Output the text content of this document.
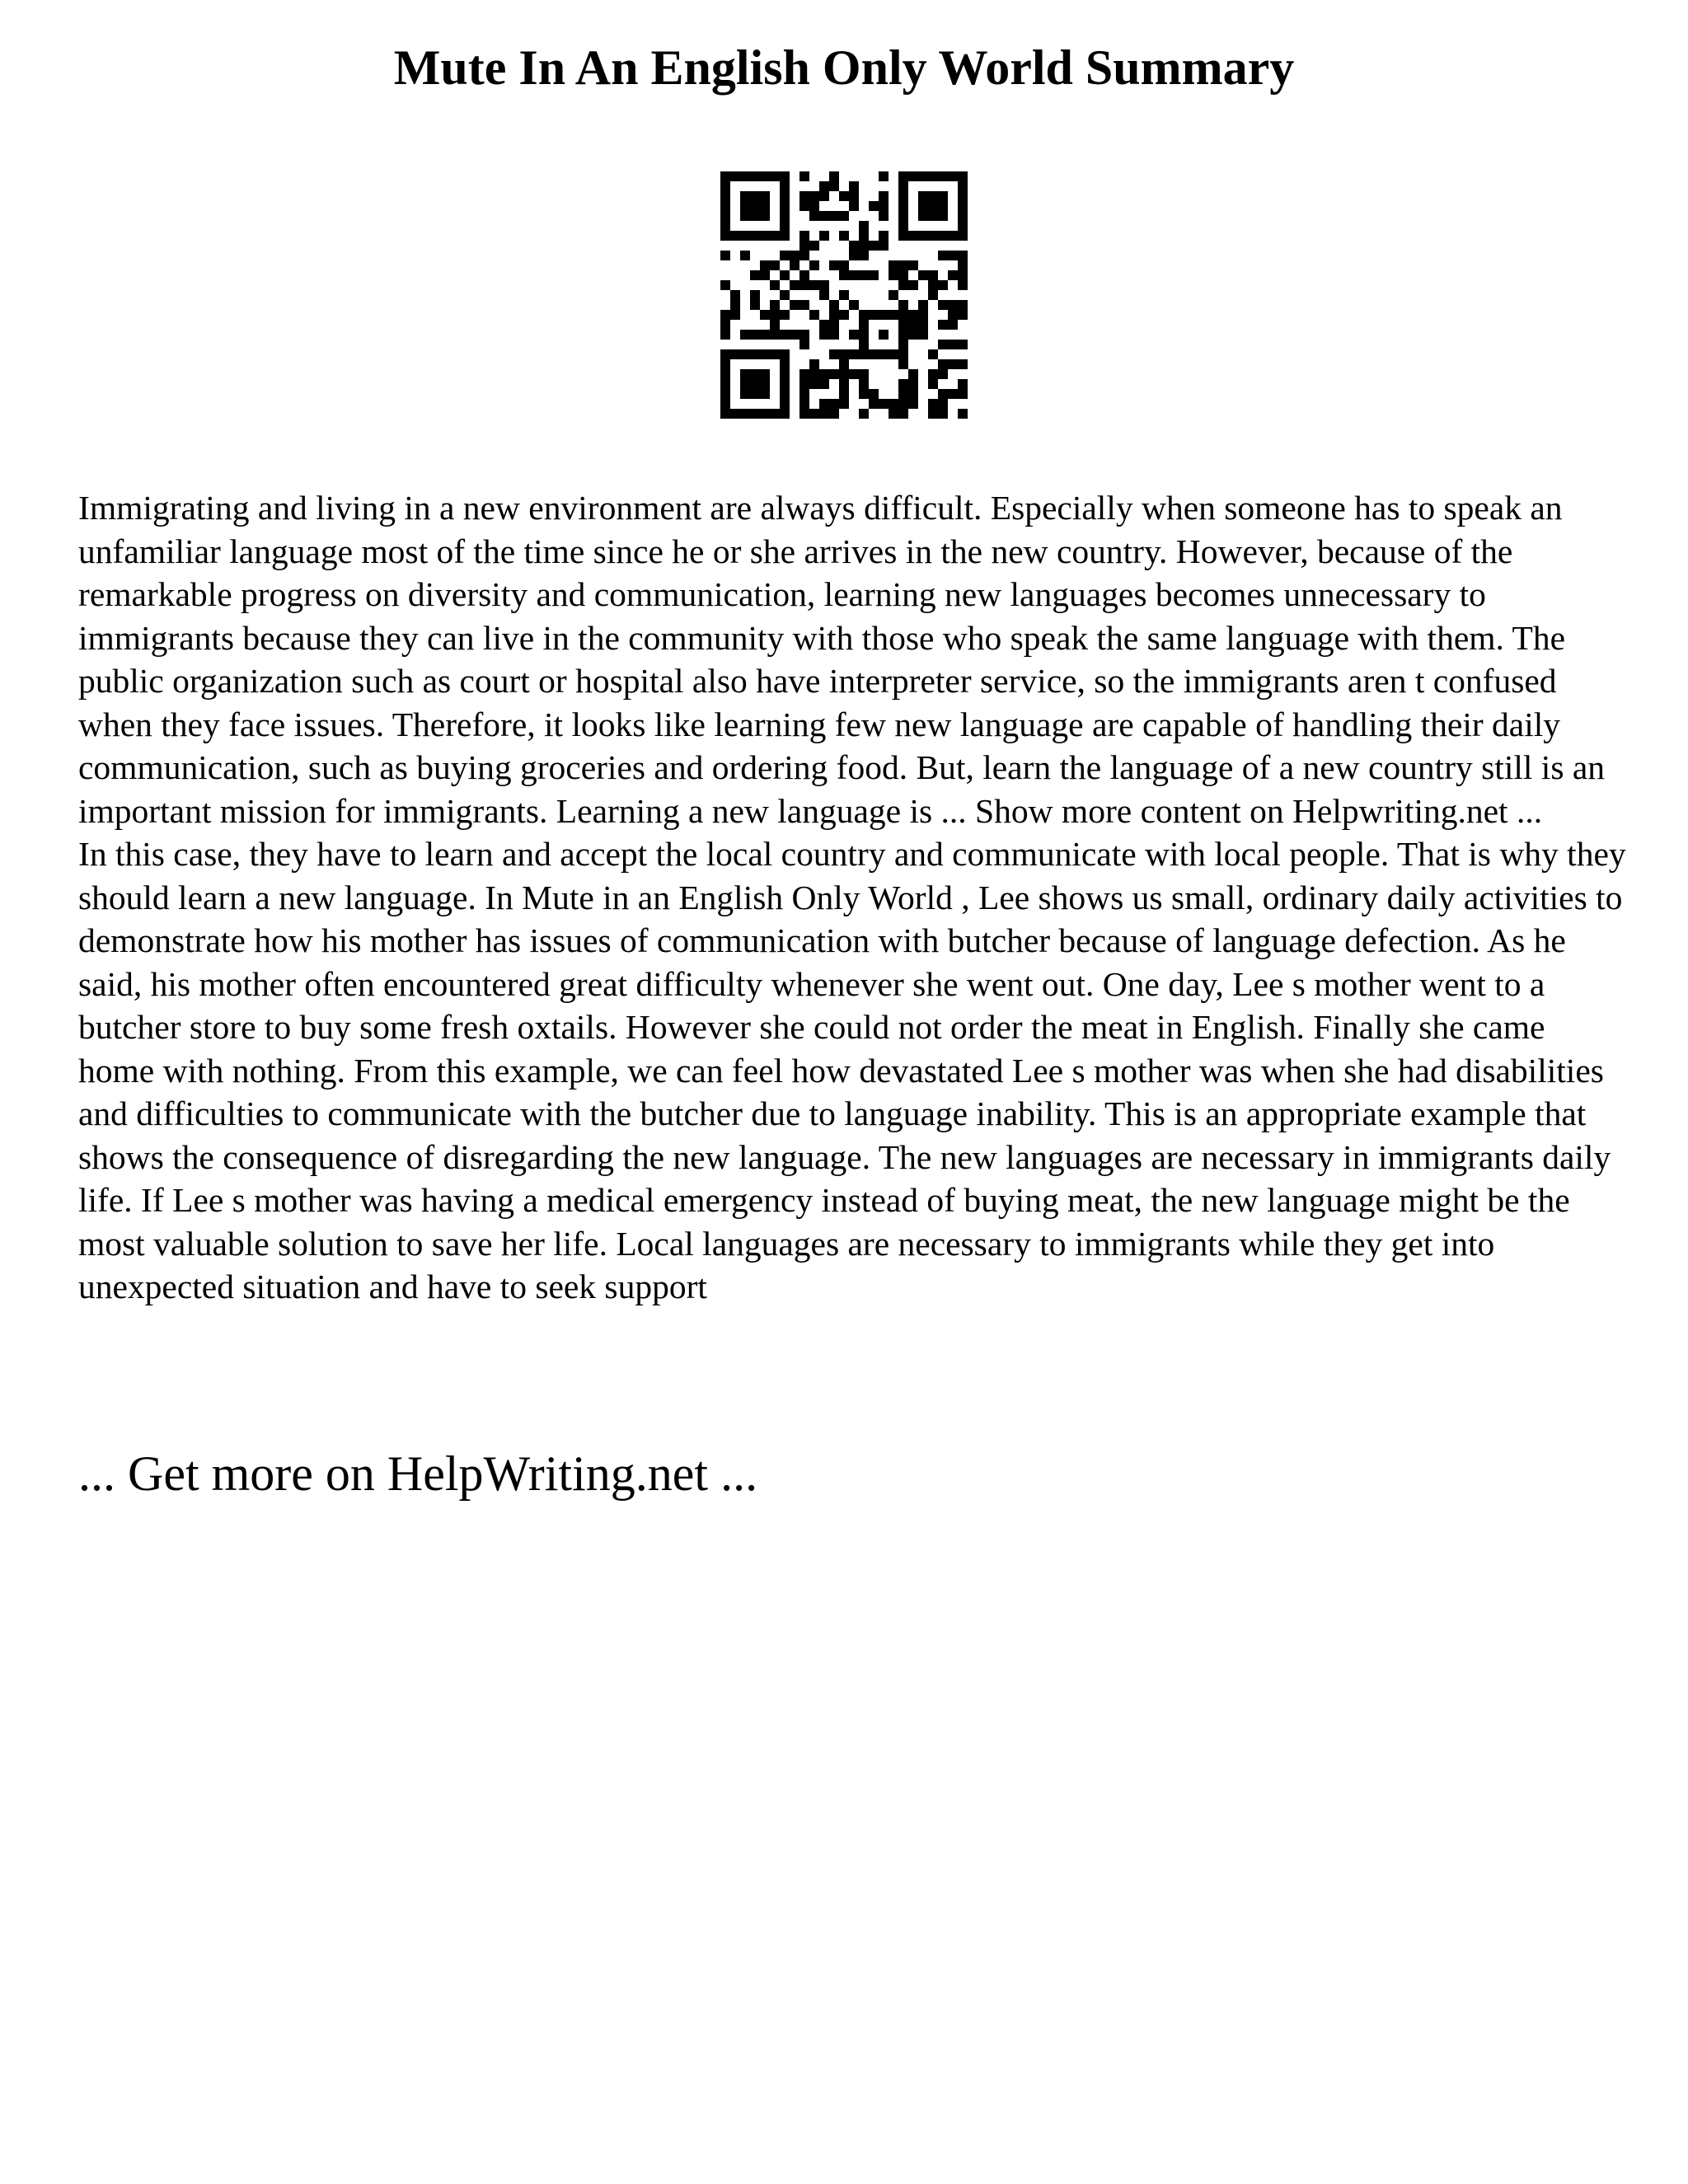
Mute In An English Only World Summary

Immigrating and living in a new environment are always difficult. Especially when someone has to speak an unfamiliar language most of the time since he or she arrives in the new country. However, because of the remarkable progress on diversity and communication, learning new languages becomes unnecessary to immigrants because they can live in the community with those who speak the same language with them. The public organization such as court or hospital also have interpreter service, so the immigrants aren t confused when they face issues. Therefore, it looks like learning few new language are capable of handling their daily communication, such as buying groceries and ordering food. But, learn the language of a new country still is an important mission for immigrants. Learning a new language is ... Show more content on Helpwriting.net ...

In this case, they have to learn and accept the local country and communicate with local people. That is why they should learn a new language. In Mute in an English Only World , Lee shows us small, ordinary daily activities to demonstrate how his mother has issues of communication with butcher because of language defection. As he said, his mother often encountered great difficulty whenever she went out. One day, Lee s mother went to a butcher store to buy some fresh oxtails. However she could not order the meat in English. Finally she came home with nothing. From this example, we can feel how devastated Lee s mother was when she had disabilities and difficulties to communicate with the butcher due to language inability. This is an appropriate example that shows the consequence of disregarding the new language. The new languages are necessary in immigrants daily life. If Lee s mother was having a medical emergency instead of buying meat, the new language might be the most valuable solution to save her life. Local languages are necessary to immigrants while they get into unexpected situation and have to seek support

... Get more on HelpWriting.net ...
